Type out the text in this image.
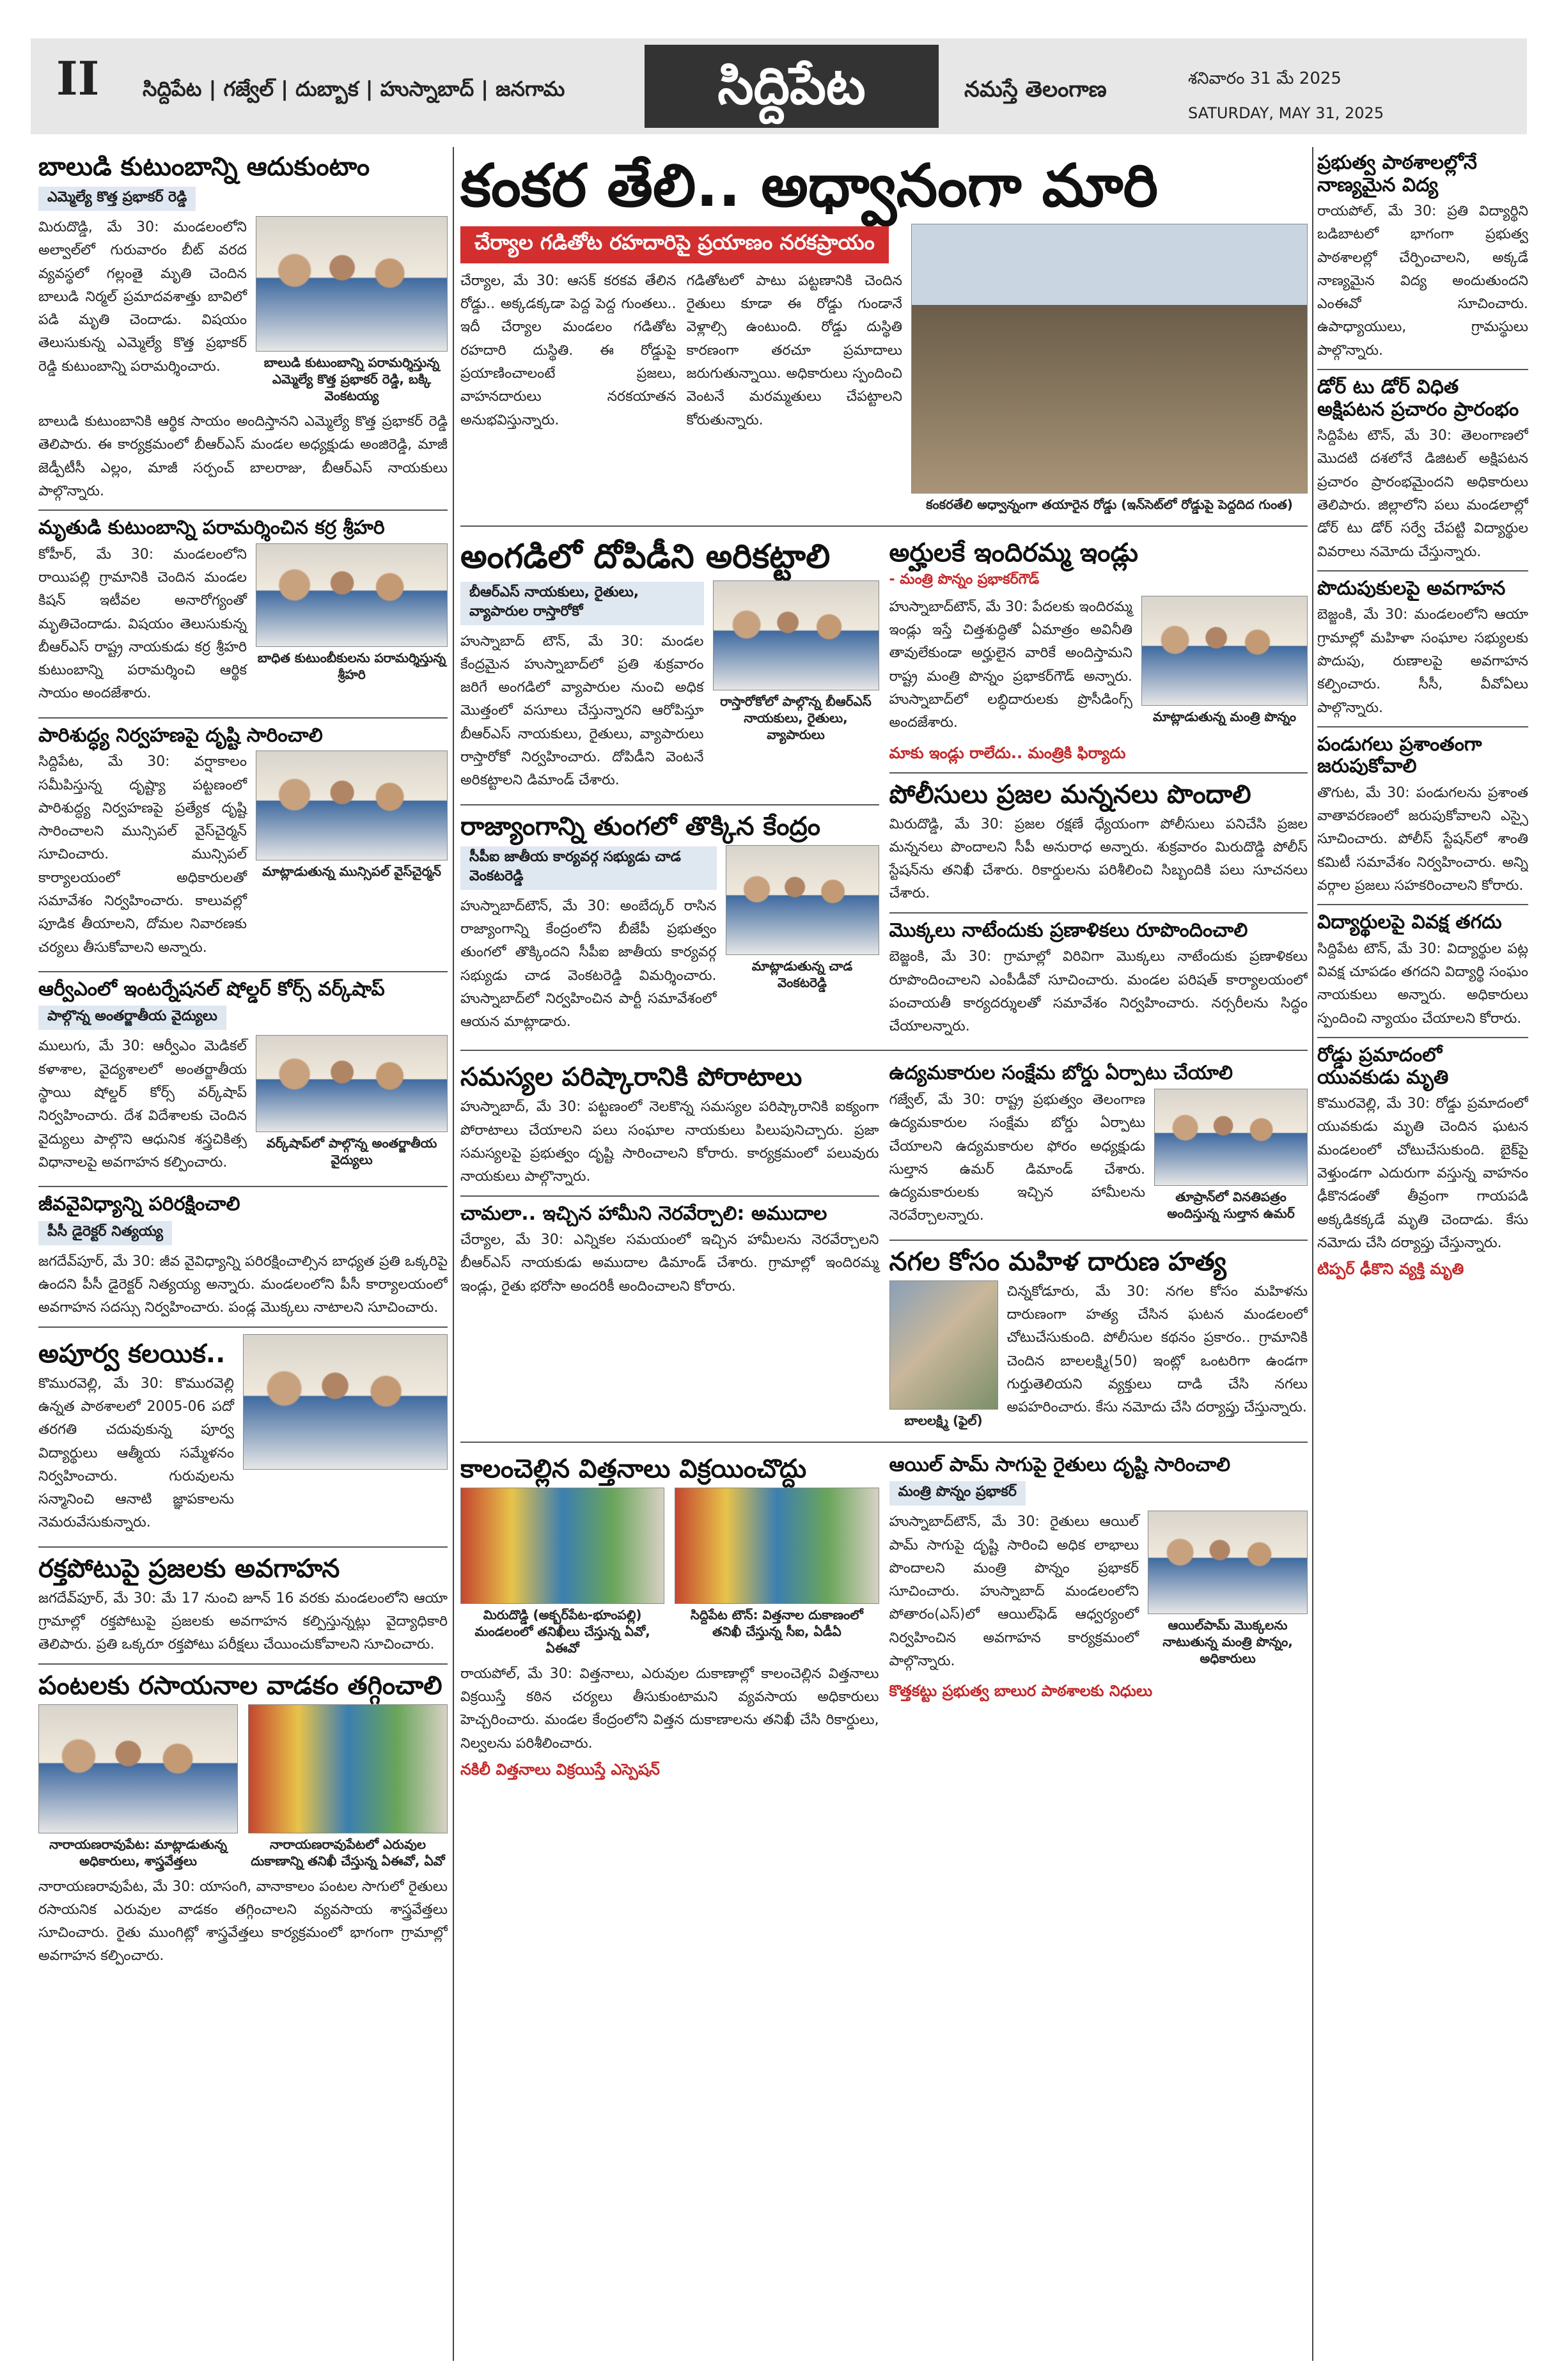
II సిద్దిపేట | గజ్వేల్ | దుబ్బాక | హుస్నాబాద్ | జనగామ	సిద్దిపేట	నమస్తే తెలంగాణ	శనివారం 31 మే 2025
SATURDAY, MAY 31, 2025
బాలుడి కుటుంబాన్ని ఆదుకుంటాం
ఎమ్మెల్యే కొత్త ప్రభాకర్ రెడ్డి

మిరుదొడ్డి, మే 30: మండలంలోని అల్వాల్‌లో గురువారం బీట్ వరద వ్యవస్థలో గల్లంతై మృతి చెందిన బాలుడి నిర్మల్ ప్రమాదవశాత్తు బావిలో పడి మృతి చెందాడు. విషయం తెలుసుకున్న ఎమ్మెల్యే కొత్త ప్రభాకర్ రెడ్డి కుటుంబాన్ని పరామర్శించారు.	బాలుడి కుటుంబాన్ని పరామర్శిస్తున్న ఎమ్మెల్యే కొత్త ప్రభాకర్ రెడ్డి, బక్కి వెంకటయ్య

బాలుడి కుటుంబానికి ఆర్థిక సాయం అందిస్తానని ఎమ్మెల్యే కొత్త ప్రభాకర్ రెడ్డి తెలిపారు. ఈ కార్యక్రమంలో బీఆర్‌ఎస్ మండల అధ్యక్షుడు అంజిరెడ్డి, మాజీ జెడ్పీటీసీ ఎల్లం, మాజీ సర్పంచ్ బాలరాజు, బీఆర్‌ఎస్ నాయకులు పాల్గొన్నారు.

మృతుడి కుటుంబాన్ని పరామర్శించిన కర్ర శ్రీహరి

కోహీర్, మే 30: మండలంలోని రాయిపల్లి గ్రామానికి చెందిన మండల కిషన్ ఇటీవల అనారోగ్యంతో మృతిచెందాడు. విషయం తెలుసుకున్న బీఆర్‌ఎస్ రాష్ట్ర నాయకుడు కర్ర శ్రీహరి కుటుంబాన్ని పరామర్శించి ఆర్థిక సాయం అందజేశారు.

బాధిత కుటుంబీకులను పరామర్శిస్తున్న శ్రీహరి
పారిశుద్ధ్య నిర్వహణపై దృష్టి సారించాలి

సిద్దిపేట, మే 30: వర్షాకాలం సమీపిస్తున్న దృష్ట్యా పట్టణంలో పారిశుద్ధ్య నిర్వహణపై ప్రత్యేక దృష్టి సారించాలని మున్సిపల్ వైస్‌చైర్మన్ సూచించారు. మున్సిపల్ కార్యాలయంలో అధికారులతో సమావేశం నిర్వహించారు. కాలువల్లో పూడిక తీయాలని, దోమల నివారణకు చర్యలు తీసుకోవాలని అన్నారు.

మాట్లాడుతున్న మున్సిపల్ వైస్‌చైర్మన్
ఆర్వీఎంలో ఇంటర్నేషనల్ షోల్డర్ కోర్స్ వర్క్‌షాప్
పాల్గొన్న అంతర్జాతీయ వైద్యులు

ములుగు, మే 30: ఆర్వీఎం మెడికల్ కళాశాల, వైద్యశాలలో అంతర్జాతీయ స్థాయి షోల్డర్ కోర్స్ వర్క్‌షాప్ నిర్వహించారు. దేశ విదేశాలకు చెందిన వైద్యులు పాల్గొని ఆధునిక శస్త్రచికిత్స విధానాలపై అవగాహన కల్పించారు.

వర్క్‌షాప్‌లో పాల్గొన్న అంతర్జాతీయ వైద్యులు
జీవవైవిధ్యాన్ని పరిరక్షించాలి
పీసీ డైరెక్టర్ నిత్యయ్య

జగదేవ్‌పూర్, మే 30: జీవ వైవిధ్యాన్ని పరిరక్షించాల్సిన బాధ్యత ప్రతి ఒక్కరిపై ఉందని పీసీ డైరెక్టర్ నిత్యయ్య అన్నారు. మండలంలోని పీసీ కార్యాలయంలో అవగాహన సదస్సు నిర్వహించారు. పండ్ల మొక్కలు నాటాలని సూచించారు.

అపూర్వ కలయిక..

కొమురవెల్లి, మే 30: కొమురవెల్లి ఉన్నత పాఠశాలలో 2005-06 పదో తరగతి చదువుకున్న పూర్వ విద్యార్థులు ఆత్మీయ సమ్మేళనం నిర్వహించారు. గురువులను సన్మానించి ఆనాటి జ్ఞాపకాలను నెమరువేసుకున్నారు.

రక్తపోటుపై ప్రజలకు అవగాహన

జగదేవ్‌పూర్, మే 30: మే 17 నుంచి జూన్ 16 వరకు మండలంలోని ఆయా గ్రామాల్లో రక్తపోటుపై ప్రజలకు అవగాహన కల్పిస్తున్నట్లు వైద్యాధికారి తెలిపారు. ప్రతి ఒక్కరూ రక్తపోటు పరీక్షలు చేయించుకోవాలని సూచించారు.

పంటలకు రసాయనాల వాడకం తగ్గించాలి
నారాయణరావుపేట: మాట్లాడుతున్న అధికారులు, శాస్త్రవేత్తలు
నారాయణరావుపేటలో ఎరువుల దుకాణాన్ని తనిఖీ చేస్తున్న ఏఈవో, ఏవో

నారాయణరావుపేట, మే 30: యాసంగి, వానాకాలం పంటల సాగులో రైతులు రసాయనిక ఎరువుల వాడకం తగ్గించాలని వ్యవసాయ శాస్త్రవేత్తలు సూచించారు. రైతు ముంగిట్లో శాస్త్రవేత్తలు కార్యక్రమంలో భాగంగా గ్రామాల్లో అవగాహన కల్పించారు.

కంకర తేలి.. అధ్వానంగా మారి
చేర్యాల గడితోట రహదారిపై ప్రయాణం నరకప్రాయం

చేర్యాల, మే 30: ఆసక్ కరకవ తేలిన రోడ్డు.. అక్కడక్కడా పెద్ద పెద్ద గుంతలు.. ఇదీ చేర్యాల మండలం గడితోట రహదారి దుస్థితి. ఈ రోడ్డుపై ప్రయాణించాలంటే ప్రజలు, వాహనదారులు నరకయాతన అనుభవిస్తున్నారు.

గడితోటలో పాటు పట్టణానికి చెందిన రైతులు కూడా ఈ రోడ్డు గుండానే వెళ్లాల్సి ఉంటుంది. రోడ్డు దుస్థితి కారణంగా తరచూ ప్రమాదాలు జరుగుతున్నాయి. అధికారులు స్పందించి వెంటనే మరమ్మతులు చేపట్టాలని కోరుతున్నారు.

కంకరతేలి అధ్వాన్నంగా తయారైన రోడ్డు (ఇన్‌సెట్‌లో రోడ్డుపై పెద్దదిద గుంత)
అంగడిలో దోపిడీని అరికట్టాలి
బీఆర్‌ఎస్ నాయకులు, రైతులు, వ్యాపారుల రాస్తారోకో

హుస్నాబాద్ టౌన్, మే 30: మండల కేంద్రమైన హుస్నాబాద్‌లో ప్రతి శుక్రవారం జరిగే అంగడిలో వ్యాపారుల నుంచి అధిక మొత్తంలో వసూలు చేస్తున్నారని ఆరోపిస్తూ బీఆర్‌ఎస్ నాయకులు, రైతులు, వ్యాపారులు రాస్తారోకో నిర్వహించారు. దోపిడీని వెంటనే అరికట్టాలని డిమాండ్ చేశారు.

రాస్తారోకోలో పాల్గొన్న బీఆర్‌ఎస్ నాయకులు, రైతులు, వ్యాపారులు
రాజ్యాంగాన్ని తుంగలో తొక్కిన కేంద్రం
సీపీఐ జాతీయ కార్యవర్గ సభ్యుడు చాడ వెంకటరెడ్డి

హుస్నాబాద్‌టౌన్, మే 30: అంబేద్కర్ రాసిన రాజ్యాంగాన్ని కేంద్రంలోని బీజేపీ ప్రభుత్వం తుంగలో తొక్కిందని సీపీఐ జాతీయ కార్యవర్గ సభ్యుడు చాడ వెంకటరెడ్డి విమర్శించారు. హుస్నాబాద్‌లో నిర్వహించిన పార్టీ సమావేశంలో ఆయన మాట్లాడారు.

మాట్లాడుతున్న చాడ వెంకటరెడ్డి
అర్హులకే ఇందిరమ్మ ఇండ్లు
- మంత్రి పొన్నం ప్రభాకర్‌గౌడ్

హుస్నాబాద్‌టౌన్, మే 30: పేదలకు ఇందిరమ్మ ఇండ్లు ఇస్తే చిత్తశుద్ధితో ఏమాత్రం అవినీతి తావులేకుండా అర్హులైన వారికే అందిస్తామని రాష్ట్ర మంత్రి పొన్నం ప్రభాకర్‌గౌడ్ అన్నారు. హుస్నాబాద్‌లో లబ్ధిదారులకు ప్రొసీడింగ్స్ అందజేశారు.	మాట్లాడుతున్న మంత్రి పొన్నం
మాకు ఇండ్లు రాలేదు.. మంత్రికి ఫిర్యాదు
పోలీసులు ప్రజల మన్ననలు పొందాలి

మిరుదొడ్డి, మే 30: ప్రజల రక్షణే ధ్యేయంగా పోలీసులు పనిచేసి ప్రజల మన్ననలు పొందాలని సీపీ అనురాధ అన్నారు. శుక్రవారం మిరుదొడ్డి పోలీస్ స్టేషన్‌ను తనిఖీ చేశారు. రికార్డులను పరిశీలించి సిబ్బందికి పలు సూచనలు చేశారు.

మొక్కలు నాటేందుకు ప్రణాళికలు రూపొందించాలి

బెజ్జంకి, మే 30: గ్రామాల్లో విరివిగా మొక్కలు నాటేందుకు ప్రణాళికలు రూపొందించాలని ఎంపీడీవో సూచించారు. మండల పరిషత్ కార్యాలయంలో పంచాయతీ కార్యదర్శులతో సమావేశం నిర్వహించారు. నర్సరీలను సిద్ధం చేయాలన్నారు.

సమస్యల పరిష్కారానికి పోరాటాలు

హుస్నాబాద్, మే 30: పట్టణంలో నెలకొన్న సమస్యల పరిష్కారానికి ఐక్యంగా పోరాటాలు చేయాలని పలు సంఘాల నాయకులు పిలుపునిచ్చారు. ప్రజా సమస్యలపై ప్రభుత్వం దృష్టి సారించాలని కోరారు. కార్యక్రమంలో పలువురు నాయకులు పాల్గొన్నారు.

చామలా.. ఇచ్చిన హామీని నెరవేర్చాలి: అముదాల

చేర్యాల, మే 30: ఎన్నికల సమయంలో ఇచ్చిన హామీలను నెరవేర్చాలని బీఆర్‌ఎస్ నాయకుడు అముదాల డిమాండ్ చేశారు. గ్రామాల్లో ఇందిరమ్మ ఇండ్లు, రైతు భరోసా అందరికీ అందించాలని కోరారు.

ఉద్యమకారుల సంక్షేమ బోర్డు ఏర్పాటు చేయాలి

గజ్వేల్, మే 30: రాష్ట్ర ప్రభుత్వం తెలంగాణ ఉద్యమకారుల సంక్షేమ బోర్డు ఏర్పాటు చేయాలని ఉద్యమకారుల ఫోరం అధ్యక్షుడు సుల్తాన ఉమర్ డిమాండ్ చేశారు. ఉద్యమకారులకు ఇచ్చిన హామీలను నెరవేర్చాలన్నారు.

తూప్రాన్‌లో వినతిపత్రం అందిస్తున్న సుల్తాన ఉమర్
నగల కోసం మహిళ దారుణ హత్య
బాలలక్ష్మి (ఫైల్)

చిన్నకోడూరు, మే 30: నగల కోసం మహిళను దారుణంగా హత్య చేసిన ఘటన మండలంలో చోటుచేసుకుంది. పోలీసుల కథనం ప్రకారం.. గ్రామానికి చెందిన బాలలక్ష్మి(50) ఇంట్లో ఒంటరిగా ఉండగా గుర్తుతెలియని వ్యక్తులు దాడి చేసి నగలు అపహరించారు. కేసు నమోదు చేసి దర్యాప్తు చేస్తున్నారు.

కాలంచెల్లిన విత్తనాలు విక్రయించొద్దు
మిరుదొడ్డి (అక్బర్‌పేట-భూంపల్లి) మండలంలో తనిఖీలు చేస్తున్న ఏవో, ఏఈవో
సిద్దిపేట టౌన్: విత్తనాల దుకాణంలో తనిఖీ చేస్తున్న సీఐ, ఏడీఏ

రాయపోల్, మే 30: విత్తనాలు, ఎరువుల దుకాణాల్లో కాలంచెల్లిన విత్తనాలు విక్రయిస్తే కఠిన చర్యలు తీసుకుంటామని వ్యవసాయ అధికారులు హెచ్చరించారు. మండల కేంద్రంలోని విత్తన దుకాణాలను తనిఖీ చేసి రికార్డులు, నిల్వలను పరిశీలించారు.

నకిలీ విత్తనాలు విక్రయిస్తే ఎస్పెషన్
ఆయిల్ పామ్ సాగుపై రైతులు దృష్టి సారించాలి
మంత్రి పొన్నం ప్రభాకర్

హుస్నాబాద్‌టౌన్, మే 30: రైతులు ఆయిల్ పామ్ సాగుపై దృష్టి సారించి అధిక లాభాలు పొందాలని మంత్రి పొన్నం ప్రభాకర్ సూచించారు. హుస్నాబాద్ మండలంలోని పోతారం(ఎస్)లో ఆయిల్‌ఫెడ్ ఆధ్వర్యంలో నిర్వహించిన అవగాహన కార్యక్రమంలో పాల్గొన్నారు.

ఆయిల్‌పామ్ మొక్కలను నాటుతున్న మంత్రి పొన్నం, అధికారులు
కొత్తకట్టు ప్రభుత్వ బాలుర పాఠశాలకు నిధులు
ప్రభుత్వ పాఠశాలల్లోనే నాణ్యమైన విద్య

రాయపోల్, మే 30: ప్రతి విద్యార్థిని బడిబాటలో భాగంగా ప్రభుత్వ పాఠశాలల్లో చేర్పించాలని, అక్కడే నాణ్యమైన విద్య అందుతుందని ఎంఈవో సూచించారు. ఉపాధ్యాయులు, గ్రామస్థులు పాల్గొన్నారు.

డోర్ టు డోర్ విధిత అక్షిపటన ప్రచారం ప్రారంభం

సిద్దిపేట టౌన్, మే 30: తెలంగాణలో మొదటి దశలోనే డిజిటల్ అక్షిపటన ప్రచారం ప్రారంభమైందని అధికారులు తెలిపారు. జిల్లాలోని పలు మండలాల్లో డోర్ టు డోర్ సర్వే చేపట్టి విద్యార్థుల వివరాలు నమోదు చేస్తున్నారు.

పొదుపుకులపై అవగాహన

బెజ్జంకి, మే 30: మండలంలోని ఆయా గ్రామాల్లో మహిళా సంఘాల సభ్యులకు పొదుపు, రుణాలపై అవగాహన కల్పించారు. సీసీ, వీవోఏలు పాల్గొన్నారు.

పండుగలు ప్రశాంతంగా జరుపుకోవాలి

తొగుట, మే 30: పండుగలను ప్రశాంత వాతావరణంలో జరుపుకోవాలని ఎస్సై సూచించారు. పోలీస్ స్టేషన్‌లో శాంతి కమిటీ సమావేశం నిర్వహించారు. అన్ని వర్గాల ప్రజలు సహకరించాలని కోరారు.

విద్యార్థులపై వివక్ష తగదు

సిద్దిపేట టౌన్, మే 30: విద్యార్థుల పట్ల వివక్ష చూపడం తగదని విద్యార్థి సంఘం నాయకులు అన్నారు. అధికారులు స్పందించి న్యాయం చేయాలని కోరారు.

రోడ్డు ప్రమాదంలో యువకుడు మృతి

కొమురవెల్లి, మే 30: రోడ్డు ప్రమాదంలో యువకుడు మృతి చెందిన ఘటన మండలంలో చోటుచేసుకుంది. బైక్‌పై వెళ్తుండగా ఎదురుగా వస్తున్న వాహనం ఢీకొనడంతో తీవ్రంగా గాయపడి అక్కడికక్కడే మృతి చెందాడు. కేసు నమోదు చేసి దర్యాప్తు చేస్తున్నారు.

టిప్పర్ ఢీకొని వ్యక్తి మృతి
